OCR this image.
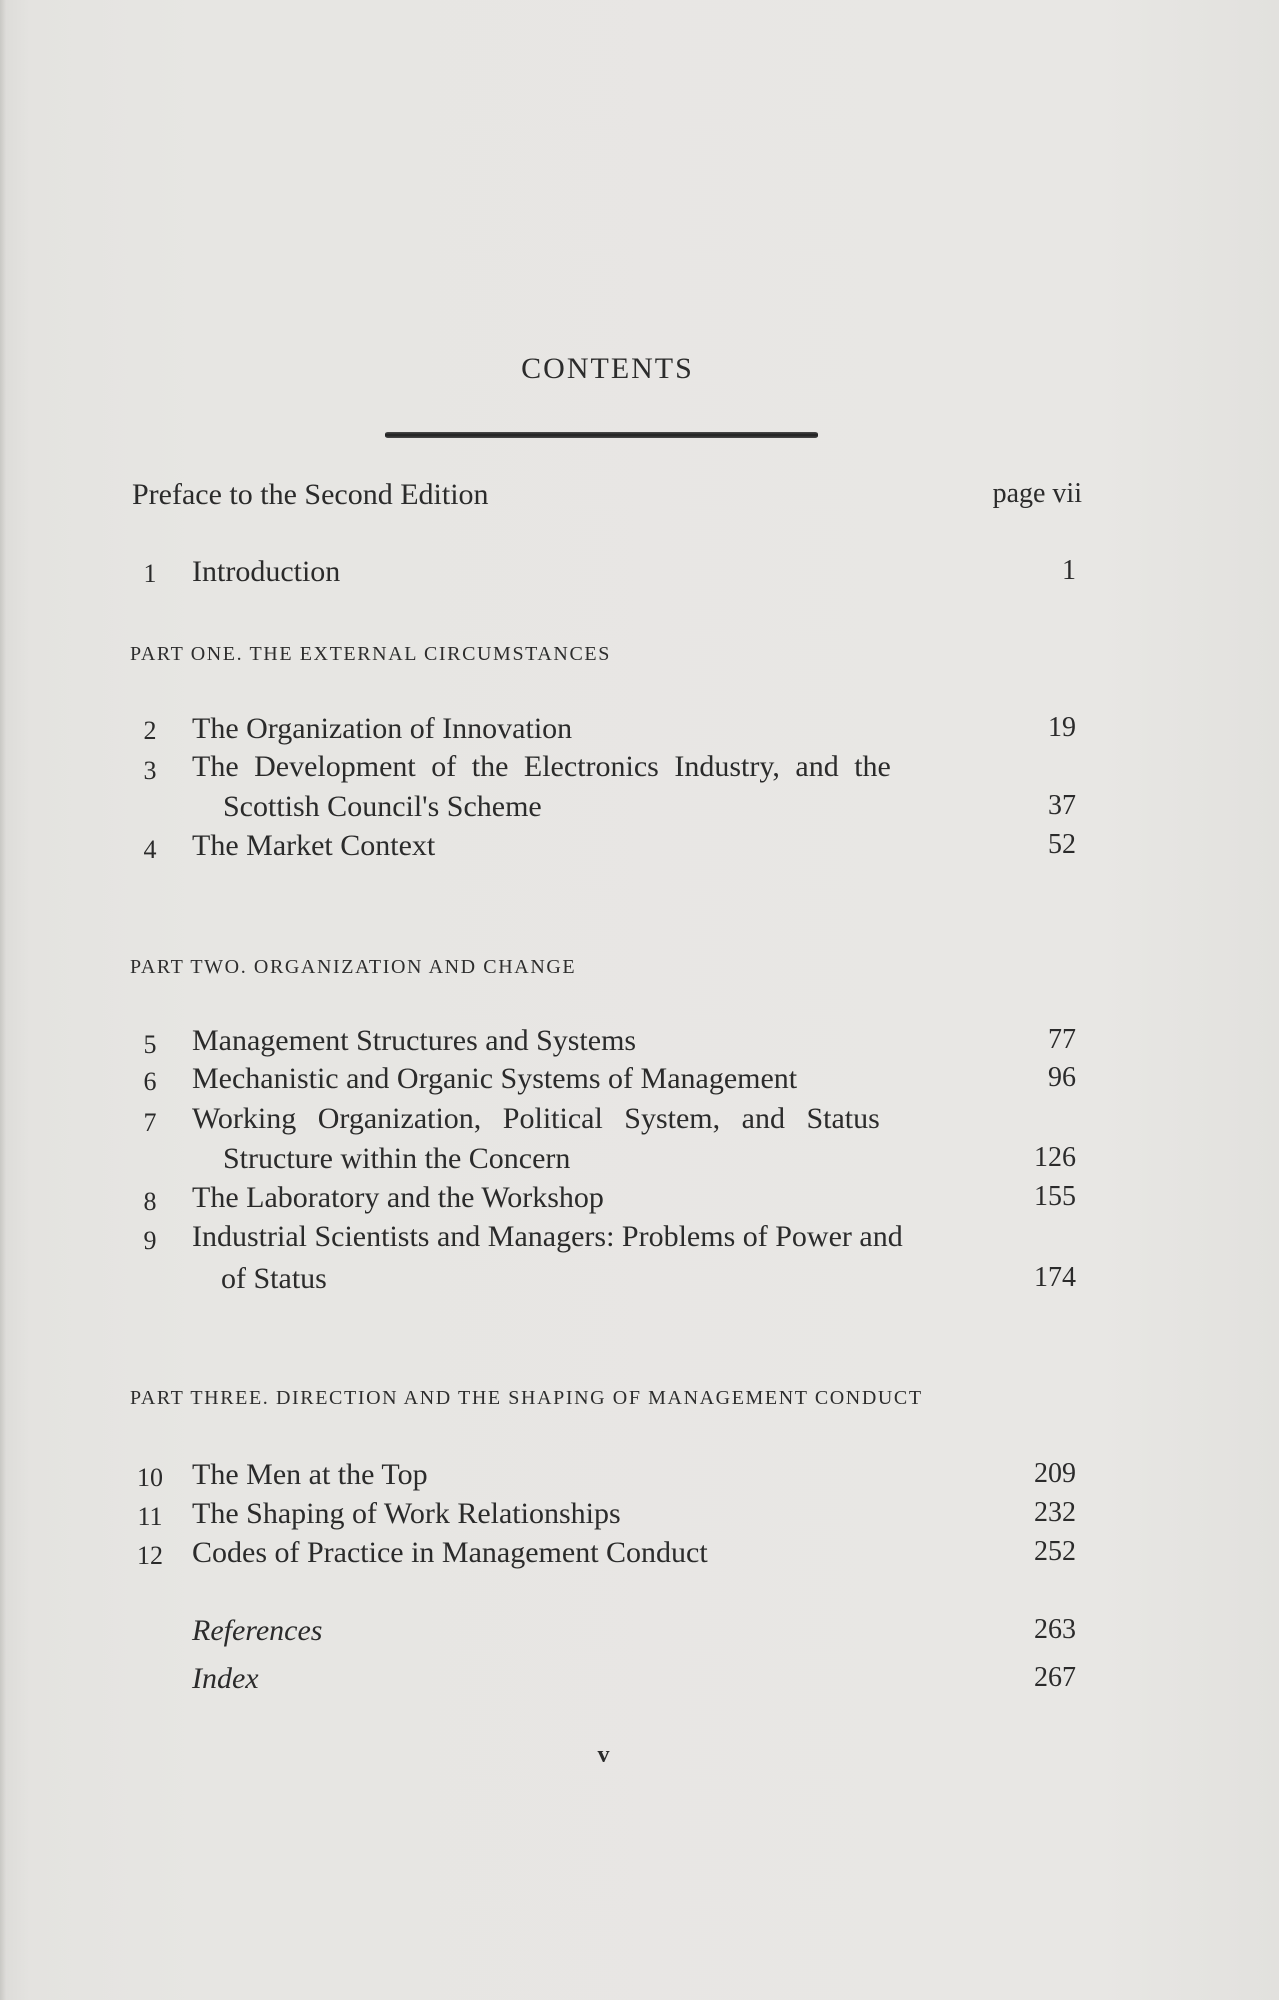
CONTENTS
Preface to the Second Edition	page vii
1	Introduction	1
PART ONE. THE EXTERNAL CIRCUMSTANCES
2	The Organization of Innovation	19
3	The Development of the Electronics Industry, and the
Scottish Council's Scheme	37
4	The Market Context	52
PART TWO. ORGANIZATION AND CHANGE
5	Management Structures and Systems	77
6	Mechanistic and Organic Systems of Management	96
7	Working Organization, Political System, and Status
Structure within the Concern	126
8	The Laboratory and the Workshop	155
9	Industrial Scientists and Managers: Problems of Power and
of Status	174
PART THREE. DIRECTION AND THE SHAPING OF MANAGEMENT CONDUCT
10 The Men at the Top	209
11 The Shaping of Work Relationships	232
12 Codes of Practice in Management Conduct	252
References	263
Index	267
v
